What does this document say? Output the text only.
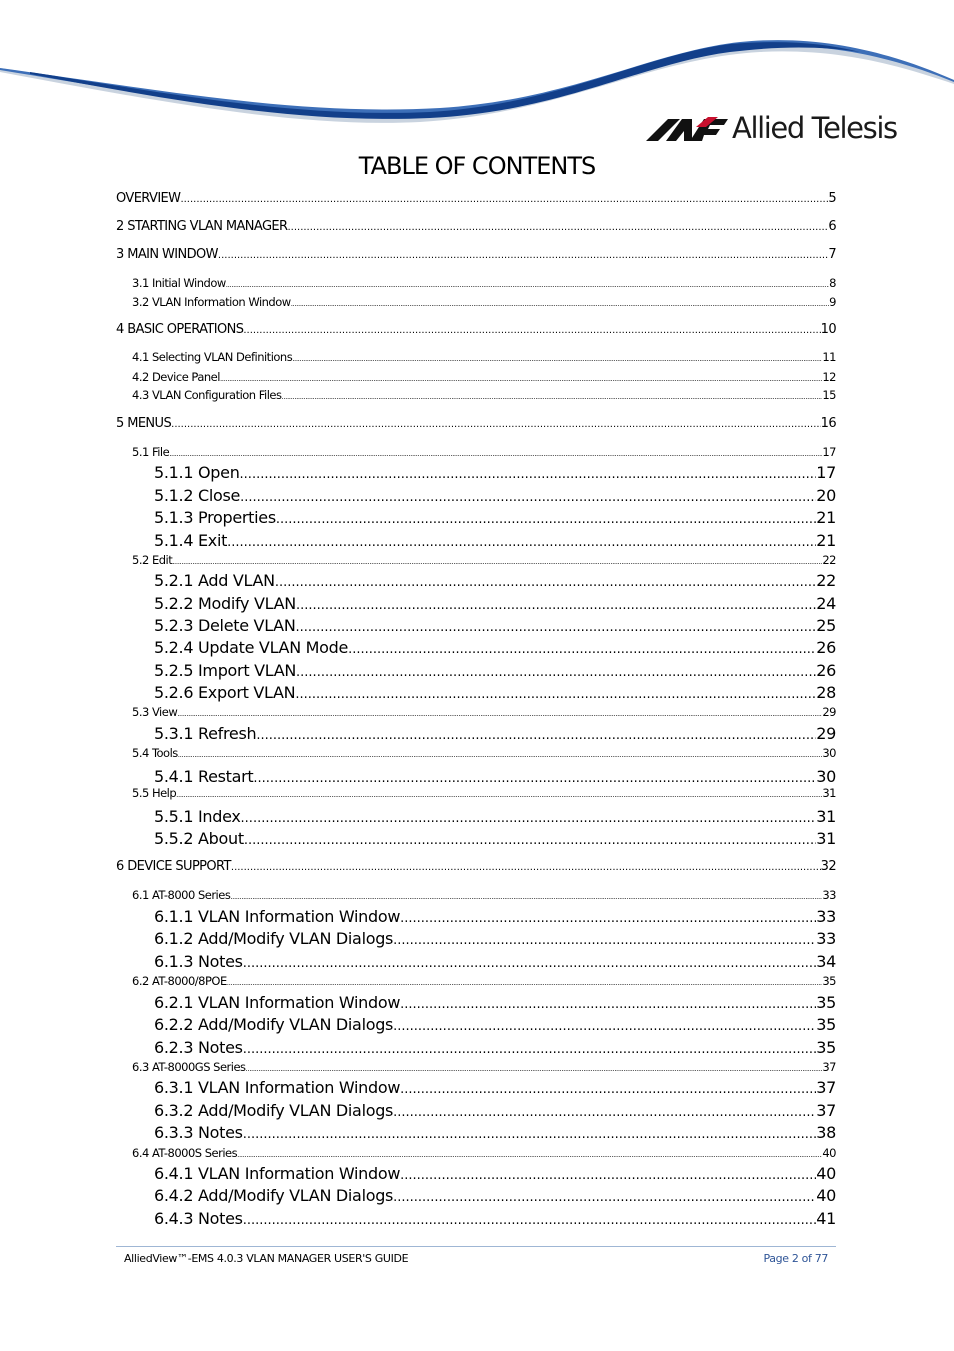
Allied Telesis
TABLE OF CONTENTS
OVERVIEW .....	5
2 STARTING VLAN MANAGER .....	6
3 MAIN WINDOW .....	7
3.1 Initial Window .....	8
3.2 VLAN Information Window .....	9
4 BASIC OPERATIONS .....	10
4.1 Selecting VLAN Definitions .....	11
4.2 Device Panel .....	12
4.3 VLAN Configuration Files .....	15
5 MENUS .....	16
5.1 File .....	17
5.1.1 Open .....	17
5.1.2 Close .....	20
5.1.3 Properties .....	21
5.1.4 Exit .....	21
5.2 Edit .....	22
5.2.1 Add VLAN .....	22
5.2.2 Modify VLAN .....	24
5.2.3 Delete VLAN .....	25
5.2.4 Update VLAN Mode .....	26
5.2.5 Import VLAN .....	26
5.2.6 Export VLAN .....	28
5.3 View .....	29
5.3.1 Refresh .....	29
5.4 Tools .....	30
5.4.1 Restart .....	30
5.5 Help .....	31
5.5.1 Index .....	31
5.5.2 About .....	31
6 DEVICE SUPPORT .....	32
6.1 AT-8000 Series .....	33
6.1.1 VLAN Information Window .....	33
6.1.2 Add/Modify VLAN Dialogs .....	33
6.1.3 Notes .....	34
6.2 AT-8000/8POE .....	35
6.2.1 VLAN Information Window .....	35
6.2.2 Add/Modify VLAN Dialogs .....	35
6.2.3 Notes .....	35
6.3 AT-8000GS Series .....	37
6.3.1 VLAN Information Window .....	37
6.3.2 Add/Modify VLAN Dialogs .....	37
6.3.3 Notes .....	38
6.4 AT-8000S Series .....	40
6.4.1 VLAN Information Window .....	40
6.4.2 Add/Modify VLAN Dialogs .....	40
6.4.3 Notes .....	41
AlliedView™-EMS 4.0.3 VLAN MANAGER USER'S GUIDE	Page 2 of 77
